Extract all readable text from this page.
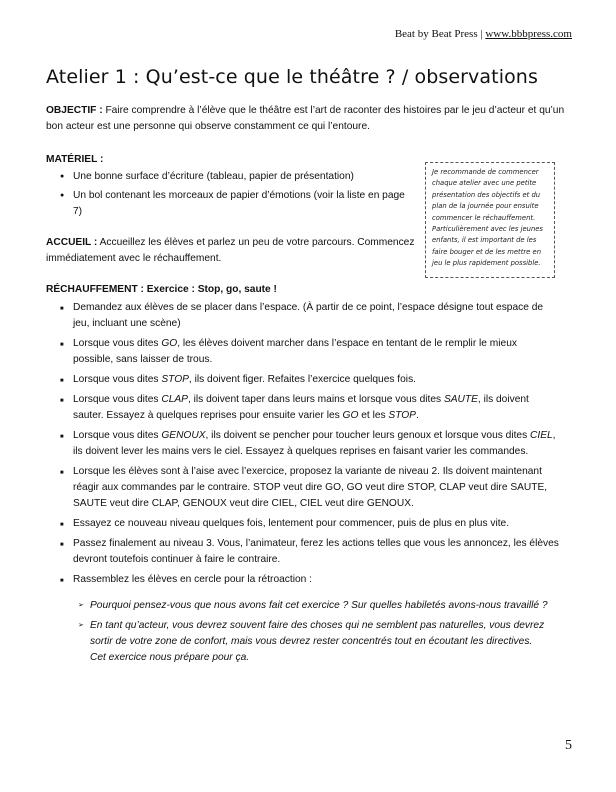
Beat by Beat Press | www.bbbpress.com
Atelier 1 : Qu’est-ce que le théâtre ? / observations
OBJECTIF : Faire comprendre à l’élève que le théâtre est l’art de raconter des histoires par le jeu d’acteur et qu’un bon acteur est une personne qui observe constamment ce qui l’entoure.
MATÉRIEL :
● Une bonne surface d’écriture (tableau, papier de présentation)
● Un bol contenant les morceaux de papier d’émotions (voir la liste en page 7)
ACCUEIL : Accueillez les élèves et parlez un peu de votre parcours. Commencez immédiatement avec le réchauffement.
Je recommande de commencer chaque atelier avec une petite présentation des objectifs et du plan de la journée pour ensuite commencer le réchauffement. Particulièrement avec les jeunes enfants, il est important de les faire bouger et de les mettre en jeu le plus rapidement possible.
RÉCHAUFFEMENT : Exercice : Stop, go, saute !
■ Demandez aux élèves de se placer dans l’espace. (À partir de ce point, l’espace désigne tout espace de jeu, incluant une scène)
■ Lorsque vous dites GO, les élèves doivent marcher dans l’espace en tentant de le remplir le mieux possible, sans laisser de trous.
■ Lorsque vous dites STOP, ils doivent figer. Refaites l’exercice quelques fois.
■ Lorsque vous dites CLAP, ils doivent taper dans leurs mains et lorsque vous dites SAUTE, ils doivent sauter. Essayez à quelques reprises pour ensuite varier les GO et les STOP.
■ Lorsque vous dites GENOUX, ils doivent se pencher pour toucher leurs genoux et lorsque vous dites CIEL, ils doivent lever les mains vers le ciel. Essayez à quelques reprises en faisant varier les commandes.
■ Lorsque les élèves sont à l’aise avec l’exercice, proposez la variante de niveau 2. Ils doivent maintenant réagir aux commandes par le contraire. STOP veut dire GO, GO veut dire STOP, CLAP veut dire SAUTE, SAUTE veut dire CLAP, GENOUX veut dire CIEL, CIEL veut dire GENOUX.
■ Essayez ce nouveau niveau quelques fois, lentement pour commencer, puis de plus en plus vite.
■ Passez finalement au niveau 3. Vous, l’animateur, ferez les actions telles que vous les annoncez, les élèves devront toutefois continuer à faire le contraire.
■ Rassemblez les élèves en cercle pour la rétroaction :
➢ Pourquoi pensez-vous que nous avons fait cet exercice ? Sur quelles habiletés avons-nous travaillé ?
➢ En tant qu’acteur, vous devrez souvent faire des choses qui ne semblent pas naturelles, vous devrez sortir de votre zone de confort, mais vous devrez rester concentrés tout en écoutant les directives. Cet exercice nous prépare pour ça.
5
